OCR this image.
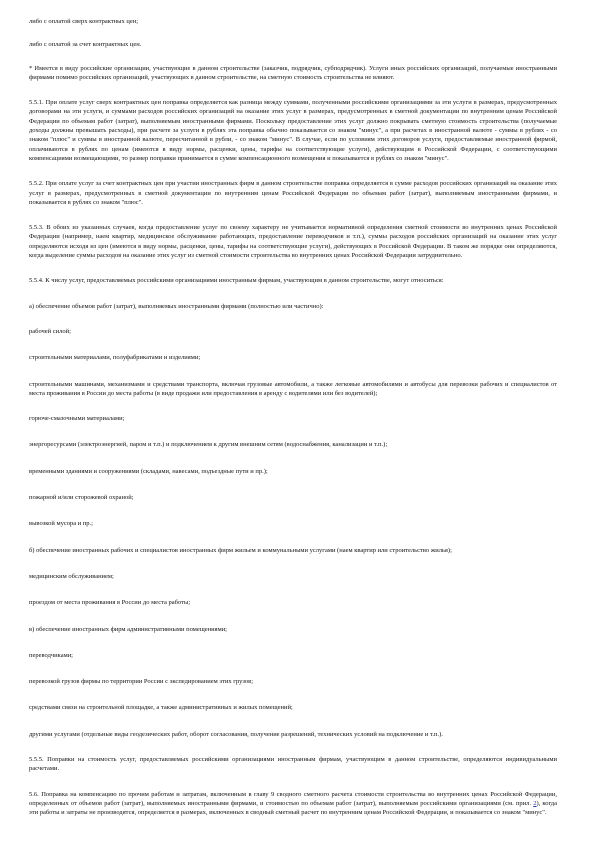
либо с оплатой сверх контрактных цен;

либо с оплатой за счет контрактных цен.

* Имеется в виду российские организации, участвующие в данном строительстве (заказчик, подрядчик, субподрядчик). Услуги иных российских организаций, получаемые иностранными фирмами помимо российских организаций, участвующих в данном строительстве, на сметную стоимость строительства не влияют.

5.5.1. При оплате услуг сверх контрактных цен поправка определяется как разница между суммами, полученными российскими организациями за эти услуги в размерах, предусмотренных договорами на эти услуги, и суммами расходов российских организаций на оказание этих услуг в размерах, предусмотренных в сметной документации по внутренним ценам Российской Федерации по объемам работ (затрат), выполняемым иностранными фирмами. Поскольку предоставление этих услуг должно покрывать сметную стоимость строительства (получаемые доходы должны превышать расходы), при расчете за услуги в рублях эта поправка обычно показывается со знаком "минус", а при расчетах в иностранной валюте - суммы в рублях - со знаком "плюс" и суммы в иностранной валюте, пересчитанной в рубли, - со знаком "минус". В случае, если по условиям этих договоров услуги, предоставляемые иностранной фирмой, оплачиваются в рублях по ценам (имеются в виду нормы, расценки, цены, тарифы на соответствующие услуги), действующим в Российской Федерации, с соответствующими компенсациями возмещающими, то размер поправки принимается в сумме компенсационного возмещения и показывается в рублях со знаком "минус".

5.5.2. При оплате услуг за счет контрактных цен при участии иностранных фирм в данном строительстве поправка определяется в сумме расходов российских организаций на оказание этих услуг в размерах, предусмотренных в сметной документации по внутренним ценам Российской Федерации по объемам работ (затрат), выполняемым иностранными фирмами, и показывается в рублях со знаком "плюс".

5.5.3. В обоих из указанных случаев, когда предоставление услуг по своему характеру не учитывается нормативной определения сметной стоимости во внутренних ценах Российской Федерации (например, наем квартир, медицинское обслуживание работающих, предоставление переводчиков и т.п.), суммы расходов российских организаций на оказание этих услуг определяются исходя из цен (имеются в виду нормы, расценки, цены, тарифы на соответствующие услуги), действующих в Российской Федерации. В таком же порядке они определяются, когда выделение суммы расходов на оказание этих услуг из сметной стоимости строительства во внутренних ценах Российской Федерации затруднительно.

5.5.4. К числу услуг, предоставляемых российскими организациями иностранным фирмам, участвующим в данном строительстве, могут относиться:

а) обеспечение объемов работ (затрат), выполняемых иностранными фирмами (полностью или частично):

рабочей силой;

строительными материалами, полуфабрикатами и изделиями;

строительными машинами, механизмами и средствами транспорта, включая грузовые автомобили, а также легковые автомобилями и автобусы для перевозки рабочих и специалистов от места проживания в России до места работы (в виде продажи или предоставления в аренду с водителями или без водителей);

горюче-смазочными материалами;

энергоресурсами (электроэнергией, паром и т.п.) и подключением к другим внешним сетям (водоснабжения, канализации и т.п.);

временными зданиями и сооружениями (складами, навесами, подъездные пути и пр.);

пожарной и/или сторожевой охраной;

вывозкой мусора и пр.;

б) обеспечение иностранных рабочих и специалистов иностранных фирм жильем и коммунальными услугами (наем квартир или строительство жилья);

медицинским обслуживанием;

проездом от места проживания в России до места работы;

в) обеспечение иностранных фирм административными помещениями;

переводчиками;

перевозкой грузов фирмы по территории России с экспедированием этих грузов;

средствами связи на строительной площадке, а также административных и жилых помещений;

другими услугами (отдельные виды геодезических работ, оборот согласования, получение разрешений, технических условий на подключение и т.п.).

5.5.5. Поправки на стоимость услуг, предоставляемых российскими организациями иностранным фирмам, участвующим в данном строительстве, определяются индивидуальными расчетами.

5.6. Поправка на компенсацию по прочим работам и затратам, включенным в главу 9 сводного сметного расчета стоимости строительства во внутренних ценах Российской Федерации, определенных от объемов работ (затрат), выполняемых иностранными фирмами, и стоимостью по объемам работ (затрат), выполняемым российскими организациями (см. прил. 2), когда эти работы и затраты не производятся, определяется в размерах, включенных в сводный сметный расчет по внутренним ценам Российской Федерации, и показывается со знаком "минус".
